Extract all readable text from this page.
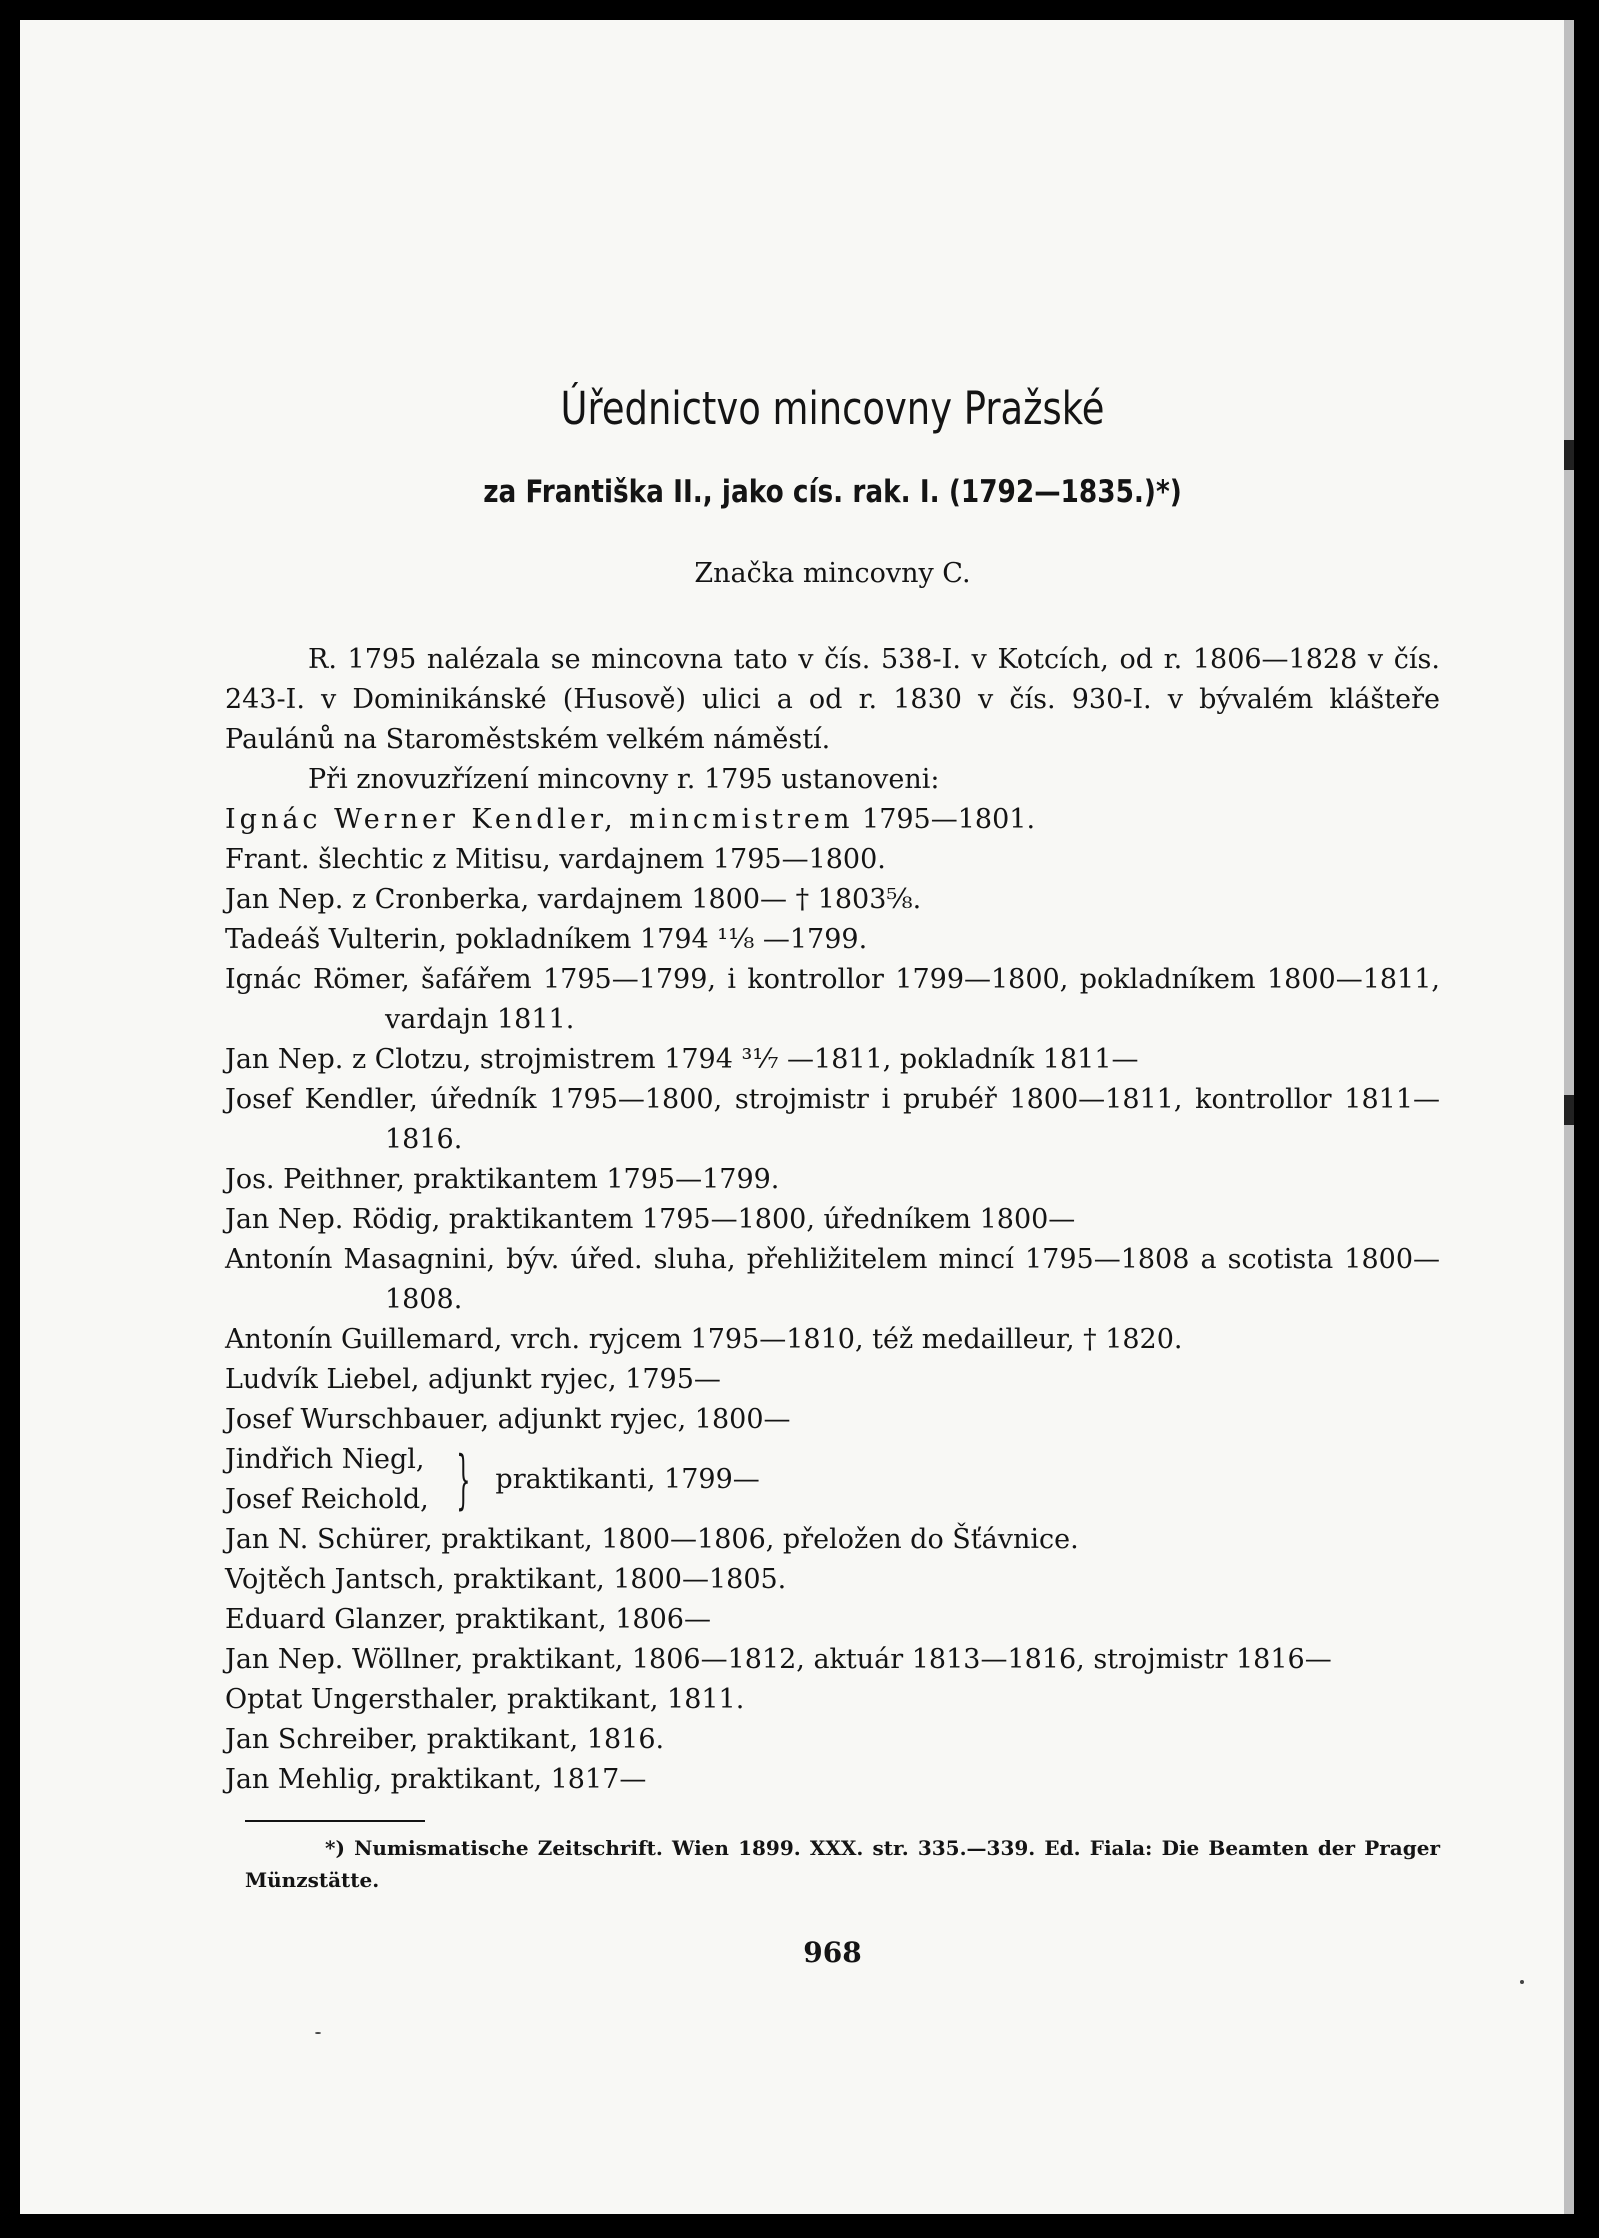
Úřednictvo mincovny Pražské
za Františka II., jako cís. rak. I. (1792—1835.)*)

Značka mincovny C.

R. 1795 nalézala se mincovna tato v čís. 538-I. v Kotcích, od r. 1806—1828 v čís. 243-I. v Dominikánské (Husově) ulici a od r. 1830 v čís. 930-I. v bývalém klášteře Paulánů na Staroměstském velkém náměstí.

Při znovuzřízení mincovny r. 1795 ustanoveni:

Ignác Werner Kendler, mincmistrem 1795—1801.

Frant. šlechtic z Mitisu, vardajnem 1795—1800.

Jan Nep. z Cronberka, vardajnem 1800— † 1803⅝.

Tadeáš Vulterin, pokladníkem 1794 ¹¹⁄₈ —1799.

Ignác Römer, šafářem 1795—1799, i kontrollor 1799—1800, pokladníkem 1800—1811, vardajn 1811.

Jan Nep. z Clotzu, strojmistrem 1794 ³¹⁄₇ —1811, pokladník 1811—

Josef Kendler, úředník 1795—1800, strojmistr i prubéř 1800—1811, kontrollor 1811—1816.

Jos. Peithner, praktikantem 1795—1799.

Jan Nep. Rödig, praktikantem 1795—1800, úředníkem 1800—

Antonín Masagnini, býv. úřed. sluha, přehližitelem mincí 1795—1808 a scotista 1800—1808.

Antonín Guillemard, vrch. ryjcem 1795—1810, též medailleur, † 1820.

Ludvík Liebel, adjunkt ryjec, 1795—

Josef Wurschbauer, adjunkt ryjec, 1800—

Jindřich Niegl,
Josef Reichold, } praktikanti, 1799—

Jan N. Schürer, praktikant, 1800—1806, přeložen do Šťávnice.

Vojtěch Jantsch, praktikant, 1800—1805.

Eduard Glanzer, praktikant, 1806—

Jan Nep. Wöllner, praktikant, 1806—1812, aktuár 1813—1816, strojmistr 1816—

Optat Ungersthaler, praktikant, 1811.

Jan Schreiber, praktikant, 1816.

Jan Mehlig, praktikant, 1817—

*) Numismatische Zeitschrift. Wien 1899. XXX. str. 335.—339. Ed. Fiala: Die Beamten der Prager Münzstätte.

968
